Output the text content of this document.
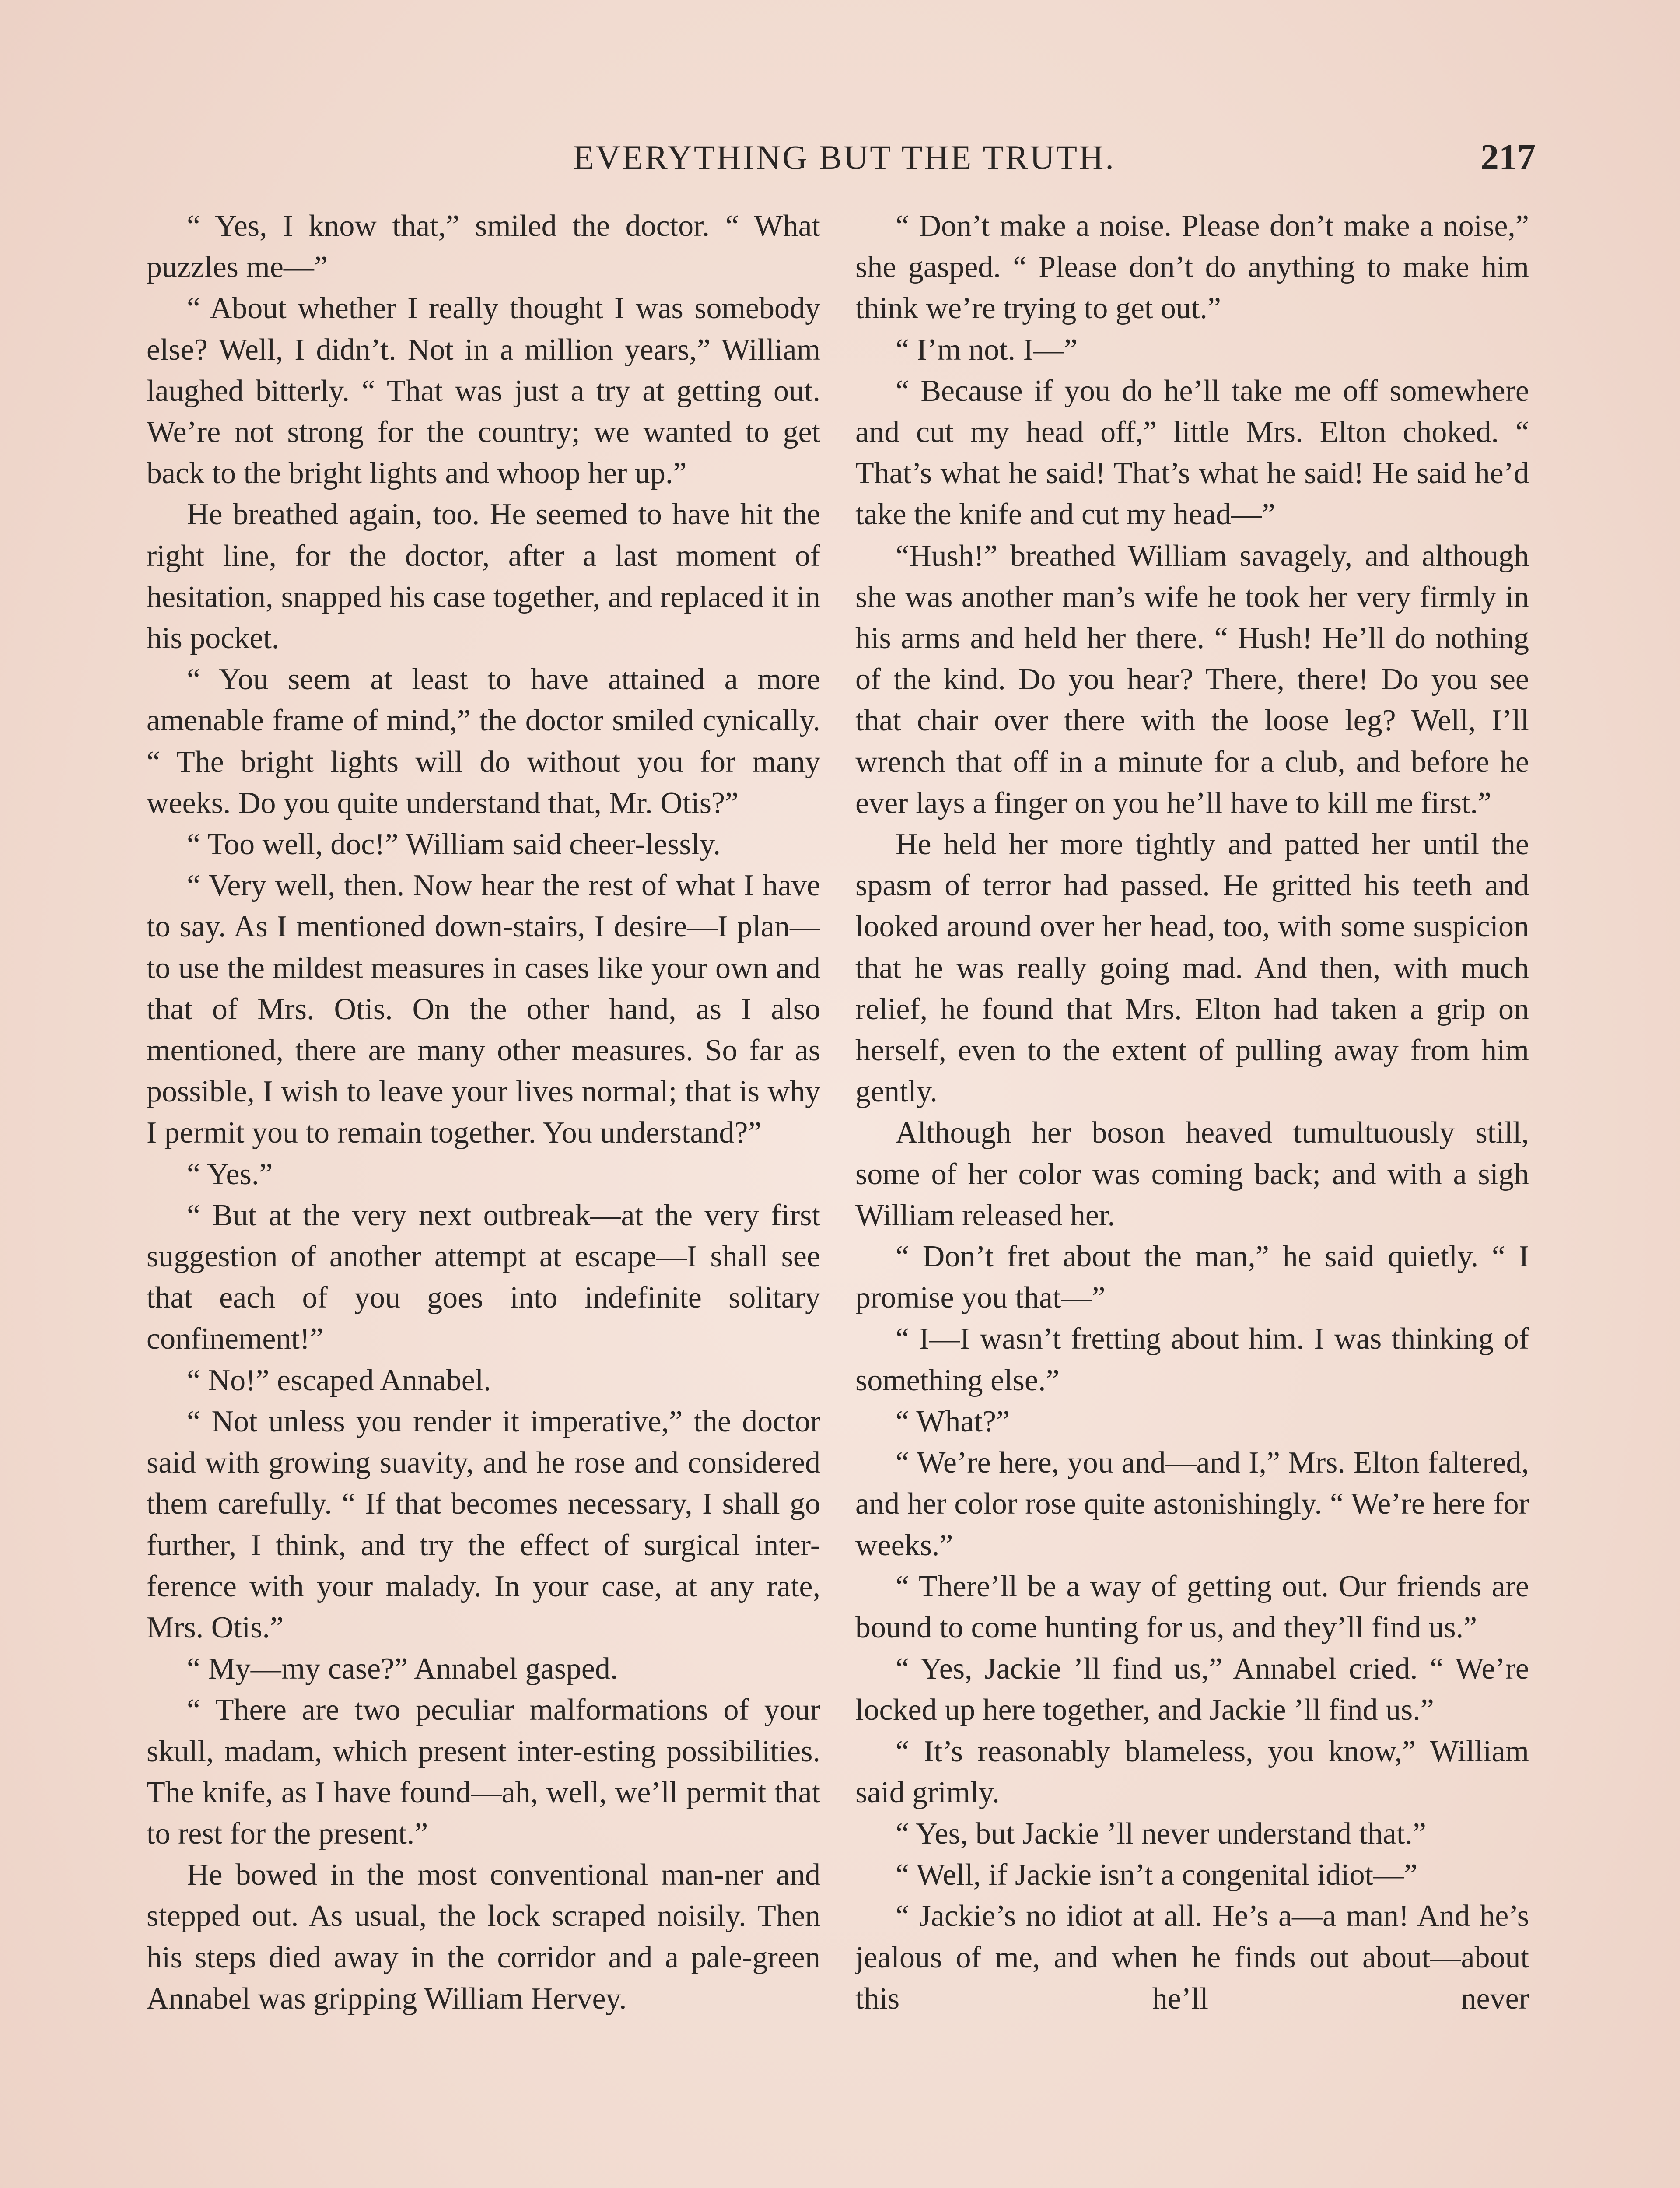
EVERYTHING BUT THE TRUTH.	217

“ Yes, I know that,” smiled the doctor. “ What puzzles me—”

“ About whether I really thought I was somebody else? Well, I didn’t. Not in a million years,” William laughed bitterly. “ That was just a try at getting out. We’re not strong for the country; we wanted to get back to the bright lights and whoop her up.”

He breathed again, too. He seemed to have hit the right line, for the doctor, after a last moment of hesitation, snapped his case together, and replaced it in his pocket.

“ You seem at least to have attained a more amenable frame of mind,” the doctor smiled cynically. “ The bright lights will do without you for many weeks. Do you quite understand that, Mr. Otis?”

“ Too well, doc!” William said cheer-lessly.

“ Very well, then. Now hear the rest of what I have to say. As I mentioned down-stairs, I desire—I plan—to use the mildest measures in cases like your own and that of Mrs. Otis. On the other hand, as I also mentioned, there are many other measures. So far as possible, I wish to leave your lives normal; that is why I permit you to remain together. You understand?”

“ Yes.”

“ But at the very next outbreak—at the very first suggestion of another attempt at escape—I shall see that each of you goes into indefinite solitary confinement!”

“ No!” escaped Annabel.

“ Not unless you render it imperative,” the doctor said with growing suavity, and he rose and considered them carefully. “ If that becomes necessary, I shall go further, I think, and try the effect of surgical inter-ference with your malady. In your case, at any rate, Mrs. Otis.”

“ My—my case?” Annabel gasped.

“ There are two peculiar malformations of your skull, madam, which present inter-esting possibilities. The knife, as I have found—ah, well, we’ll permit that to rest for the present.”

He bowed in the most conventional man-ner and stepped out. As usual, the lock scraped noisily. Then his steps died away in the corridor and a pale-green Annabel was gripping William Hervey.

“ Don’t make a noise. Please don’t make a noise,” she gasped. “ Please don’t do anything to make him think we’re trying to get out.”

“ I’m not. I—”

“ Because if you do he’ll take me off somewhere and cut my head off,” little Mrs. Elton choked. “ That’s what he said! That’s what he said! He said he’d take the knife and cut my head—”

“Hush!” breathed William savagely, and although she was another man’s wife he took her very firmly in his arms and held her there. “ Hush! He’ll do nothing of the kind. Do you hear? There, there! Do you see that chair over there with the loose leg? Well, I’ll wrench that off in a minute for a club, and before he ever lays a finger on you he’ll have to kill me first.”

He held her more tightly and patted her until the spasm of terror had passed. He gritted his teeth and looked around over her head, too, with some suspicion that he was really going mad. And then, with much relief, he found that Mrs. Elton had taken a grip on herself, even to the extent of pulling away from him gently.

Although her boson heaved tumultuously still, some of her color was coming back; and with a sigh William released her.

“ Don’t fret about the man,” he said quietly. “ I promise you that—”

“ I—I wasn’t fretting about him. I was thinking of something else.”

“ What?”

“ We’re here, you and—and I,” Mrs. Elton faltered, and her color rose quite astonishingly. “ We’re here for weeks.”

“ There’ll be a way of getting out. Our friends are bound to come hunting for us, and they’ll find us.”

“ Yes, Jackie ’ll find us,” Annabel cried. “ We’re locked up here together, and Jackie ’ll find us.”

“ It’s reasonably blameless, you know,” William said grimly.

“ Yes, but Jackie ’ll never understand that.”

“ Well, if Jackie isn’t a congenital idiot—”

“ Jackie’s no idiot at all. He’s a—a man! And he’s jealous of me, and when he finds out about—about this he’ll never
